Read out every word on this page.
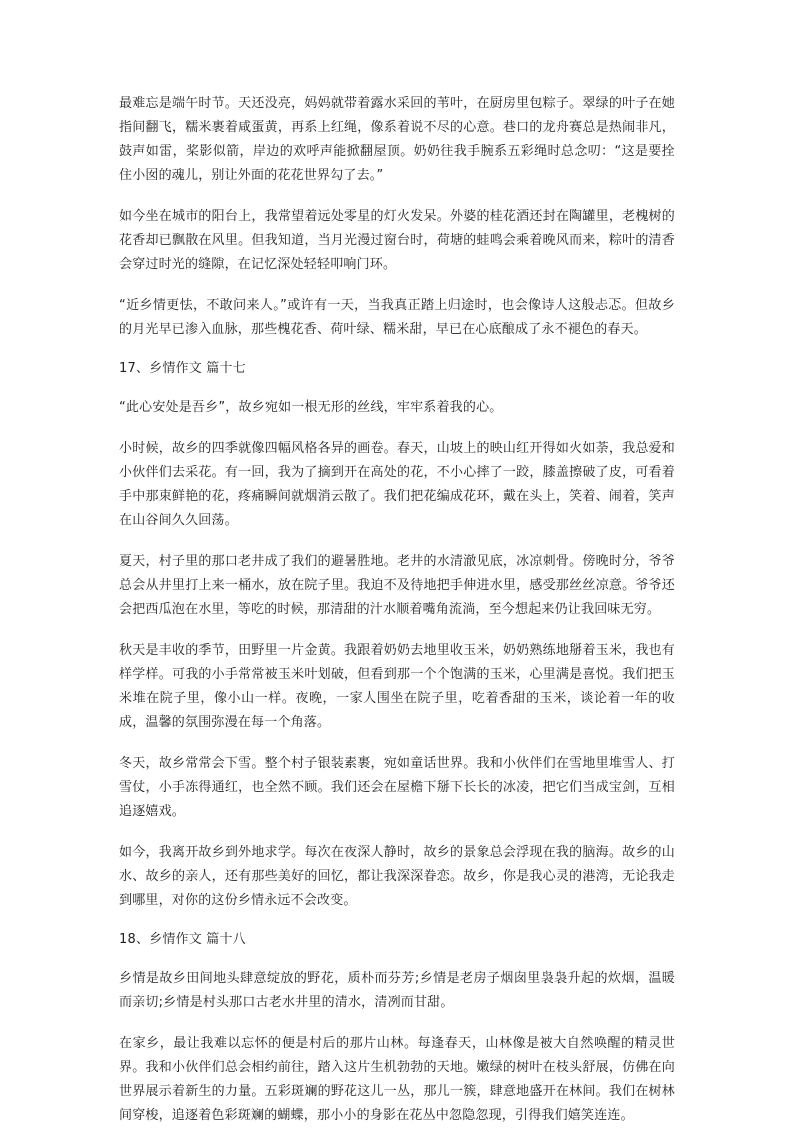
最难忘是端午时节。天还没亮，妈妈就带着露水采回的苇叶，在厨房里包粽子。翠绿的叶子在她指间翻飞，糯米裹着咸蛋黄，再系上红绳，像系着说不尽的心意。巷口的龙舟赛总是热闹非凡，鼓声如雷，桨影似箭，岸边的欢呼声能掀翻屋顶。奶奶往我手腕系五彩绳时总念叨：“这是要拴住小囡的魂儿，别让外面的花花世界勾了去。”

如今坐在城市的阳台上，我常望着远处零星的灯火发呆。外婆的桂花酒还封在陶罐里，老槐树的花香却已飘散在风里。但我知道，当月光漫过窗台时，荷塘的蛙鸣会乘着晚风而来，粽叶的清香会穿过时光的缝隙，在记忆深处轻轻叩响门环。

“近乡情更怯，不敢问来人。”或许有一天，当我真正踏上归途时，也会像诗人这般忐忑。但故乡的月光早已渗入血脉，那些槐花香、荷叶绿、糯米甜，早已在心底酿成了永不褪色的春天。

17、乡情作文 篇十七

“此心安处是吾乡”，故乡宛如一根无形的丝线，牢牢系着我的心。

小时候，故乡的四季就像四幅风格各异的画卷。春天，山坡上的映山红开得如火如荼，我总爱和小伙伴们去采花。有一回，我为了摘到开在高处的花，不小心摔了一跤，膝盖擦破了皮，可看着手中那束鲜艳的花，疼痛瞬间就烟消云散了。我们把花编成花环，戴在头上，笑着、闹着，笑声在山谷间久久回荡。

夏天，村子里的那口老井成了我们的避暑胜地。老井的水清澈见底，冰凉刺骨。傍晚时分，爷爷总会从井里打上来一桶水，放在院子里。我迫不及待地把手伸进水里，感受那丝丝凉意。爷爷还会把西瓜泡在水里，等吃的时候，那清甜的汁水顺着嘴角流淌，至今想起来仍让我回味无穷。

秋天是丰收的季节，田野里一片金黄。我跟着奶奶去地里收玉米，奶奶熟练地掰着玉米，我也有样学样。可我的小手常常被玉米叶划破，但看到那一个个饱满的玉米，心里满是喜悦。我们把玉米堆在院子里，像小山一样。夜晚，一家人围坐在院子里，吃着香甜的玉米，谈论着一年的收成，温馨的氛围弥漫在每一个角落。

冬天，故乡常常会下雪。整个村子银装素裹，宛如童话世界。我和小伙伴们在雪地里堆雪人、打雪仗，小手冻得通红，也全然不顾。我们还会在屋檐下掰下长长的冰凌，把它们当成宝剑，互相追逐嬉戏。

如今，我离开故乡到外地求学。每次在夜深人静时，故乡的景象总会浮现在我的脑海。故乡的山水、故乡的亲人，还有那些美好的回忆，都让我深深眷恋。故乡，你是我心灵的港湾，无论我走到哪里，对你的这份乡情永远不会改变。

18、乡情作文 篇十八

乡情是故乡田间地头肆意绽放的野花，质朴而芬芳;乡情是老房子烟囱里袅袅升起的炊烟，温暖而亲切;乡情是村头那口古老水井里的清水，清冽而甘甜。

在家乡，最让我难以忘怀的便是村后的那片山林。每逢春天，山林像是被大自然唤醒的精灵世界。我和小伙伴们总会相约前往，踏入这片生机勃勃的天地。嫩绿的树叶在枝头舒展，仿佛在向世界展示着新生的力量。五彩斑斓的野花这儿一丛，那儿一簇，肆意地盛开在林间。我们在树林间穿梭，追逐着色彩斑斓的蝴蝶，那小小的身影在花丛中忽隐忽现，引得我们嬉笑连连。
